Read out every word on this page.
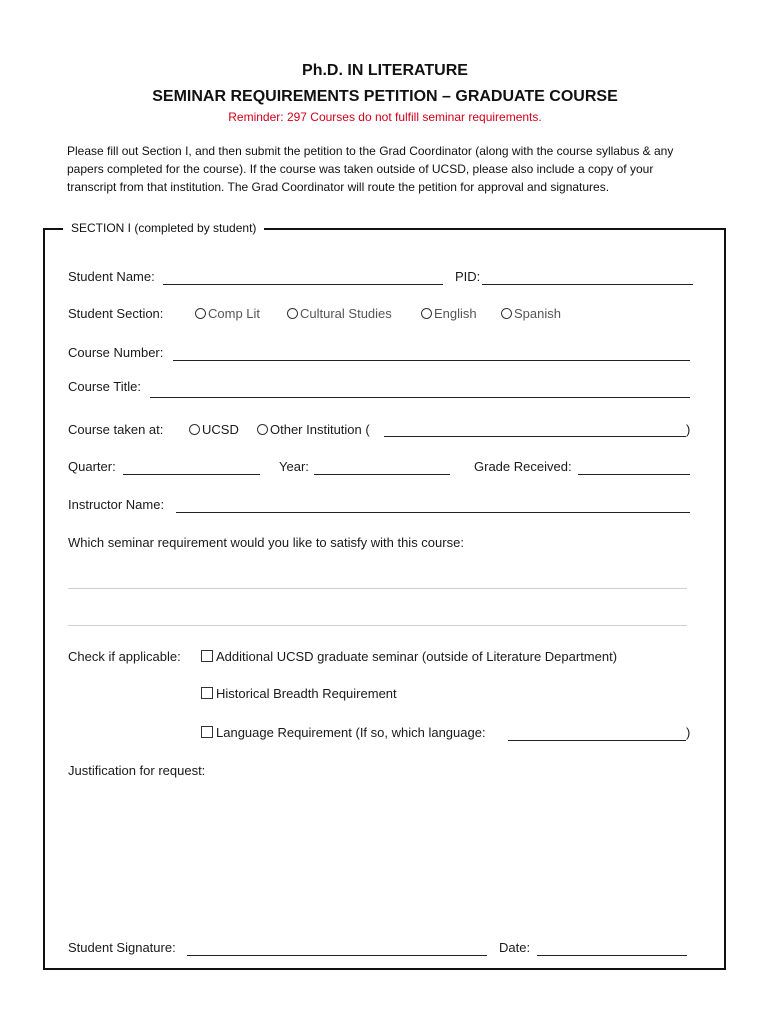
Ph.D. IN LITERATURE
SEMINAR REQUIREMENTS PETITION – GRADUATE COURSE
Reminder: 297 Courses do not fulfill seminar requirements.
Please fill out Section I, and then submit the petition to the Grad Coordinator (along with the course syllabus & any
papers completed for the course). If the course was taken outside of UCSD, please also include a copy of your
transcript from that institution. The Grad Coordinator will route the petition for approval and signatures.
SECTION I (completed by student)
Student Name:	PID:
Student Section:	Comp Lit	Cultural Studies	English	Spanish
Course Number:
Course Title:
Course taken at:	UCSD	Other Institution (	)
Quarter:	Year:	Grade Received:
Instructor Name:
Which seminar requirement would you like to satisfy with this course:
Check if applicable:	Additional UCSD graduate seminar (outside of Literature Department)
Historical Breadth Requirement
Language Requirement (If so, which language:	)
Justification for request:
Student Signature:	Date:
